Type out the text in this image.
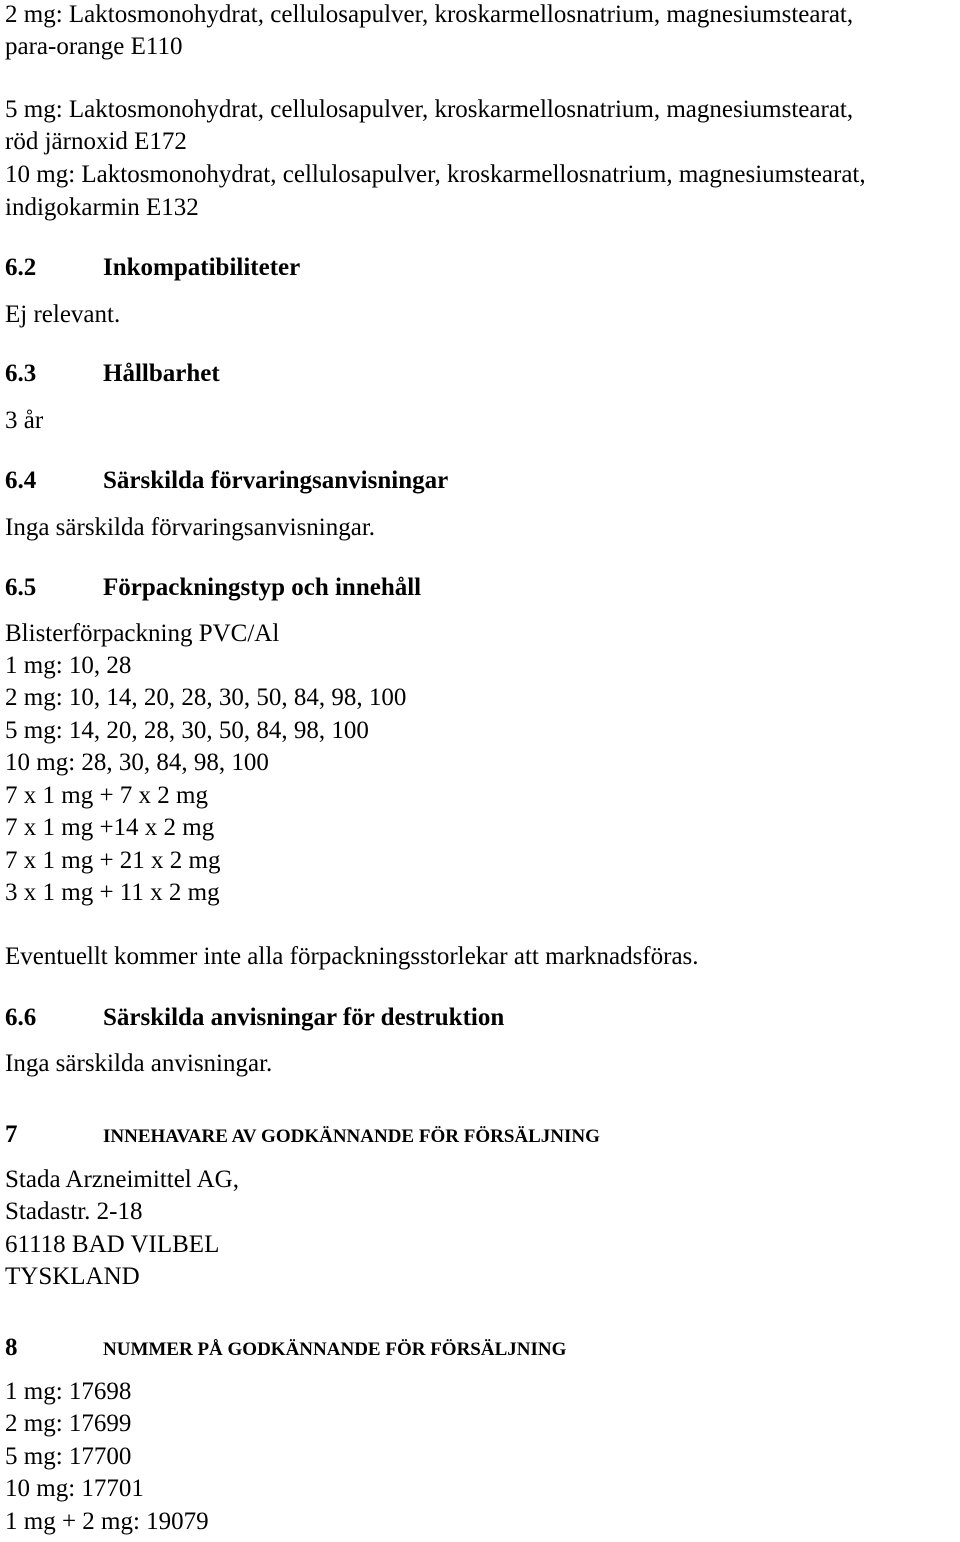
2 mg: Laktosmonohydrat, cellulosapulver, kroskarmellosnatrium, magnesiumstearat,
para-orange E110
5 mg: Laktosmonohydrat, cellulosapulver, kroskarmellosnatrium, magnesiumstearat,
röd järnoxid E172
10 mg: Laktosmonohydrat, cellulosapulver, kroskarmellosnatrium, magnesiumstearat,
indigokarmin E132
6.2	Inkompatibiliteter
Ej relevant.
6.3	Hållbarhet
3 år
6.4	Särskilda förvaringsanvisningar
Inga särskilda förvaringsanvisningar.
6.5	Förpackningstyp och innehåll
Blisterförpackning PVC/Al
1 mg: 10, 28
2 mg: 10, 14, 20, 28, 30, 50, 84, 98, 100
5 mg: 14, 20, 28, 30, 50, 84, 98, 100
10 mg: 28, 30, 84, 98, 100
7 x 1 mg + 7 x 2 mg
7 x 1 mg +14 x 2 mg
7 x 1 mg + 21 x 2 mg
3 x 1 mg + 11 x 2 mg
Eventuellt kommer inte alla förpackningsstorlekar att marknadsföras.
6.6	Särskilda anvisningar för destruktion
Inga särskilda anvisningar.
7	INNEHAVARE AV GODKÄNNANDE FÖR FÖRSÄLJNING
Stada Arzneimittel AG,
Stadastr. 2-18
61118 BAD VILBEL
TYSKLAND
8	NUMMER PÅ GODKÄNNANDE FÖR FÖRSÄLJNING
1 mg: 17698
2 mg: 17699
5 mg: 17700
10 mg: 17701
1 mg + 2 mg: 19079
